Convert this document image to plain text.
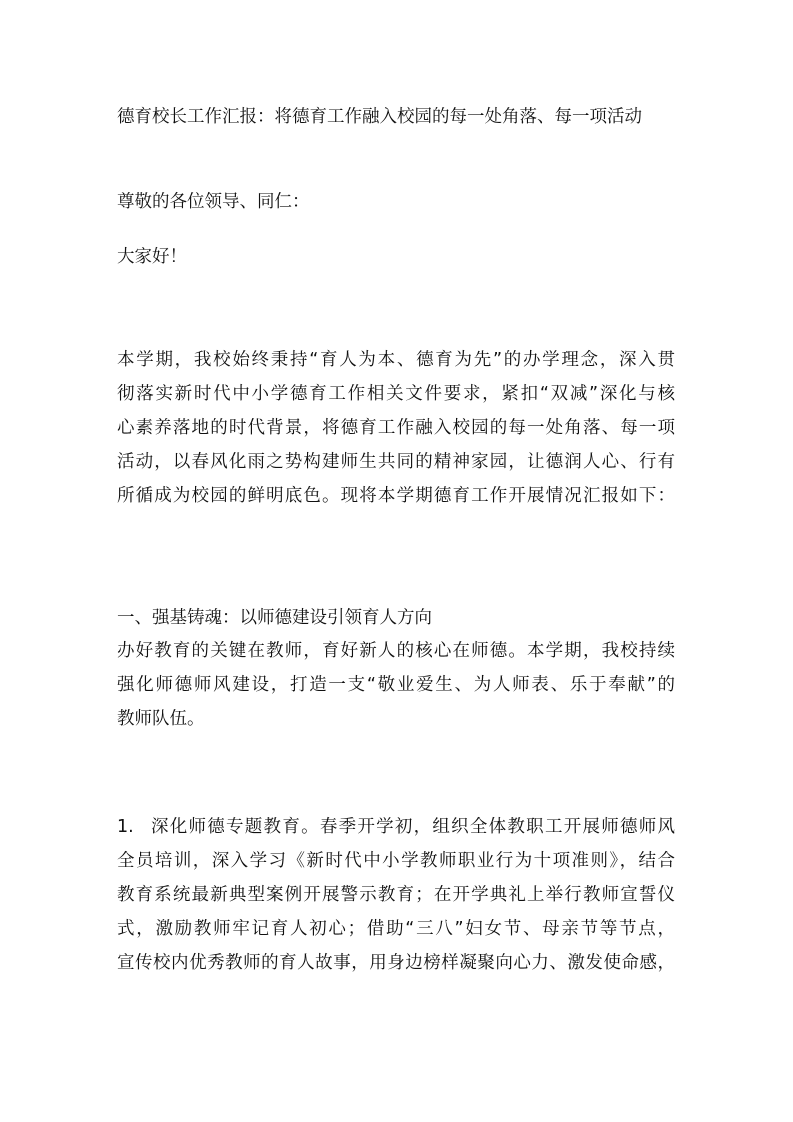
德育校长工作汇报：将德育工作融入校园的每一处角落、每一项活动
尊敬的各位领导、同仁：
大家好！
本学期，我校始终秉持“育人为本、德育为先”的办学理念，深入贯
彻落实新时代中小学德育工作相关文件要求，紧扣“双减”深化与核
心素养落地的时代背景，将德育工作融入校园的每一处角落、每一项
活动，以春风化雨之势构建师生共同的精神家园，让德润人心、行有
所循成为校园的鲜明底色。现将本学期德育工作开展情况汇报如下：
一、强基铸魂：以师德建设引领育人方向
办好教育的关键在教师，育好新人的核心在师德。本学期，我校持续
强化师德师风建设，打造一支“敬业爱生、为人师表、乐于奉献”的
教师队伍。
1. 深化师德专题教育。春季开学初，组织全体教职工开展师德师风
全员培训，深入学习《新时代中小学教师职业行为十项准则》，结合
教育系统最新典型案例开展警示教育；在开学典礼上举行教师宣誓仪
式，激励教师牢记育人初心；借助“三八”妇女节、母亲节等节点，
宣传校内优秀教师的育人故事，用身边榜样凝聚向心力、激发使命感，
